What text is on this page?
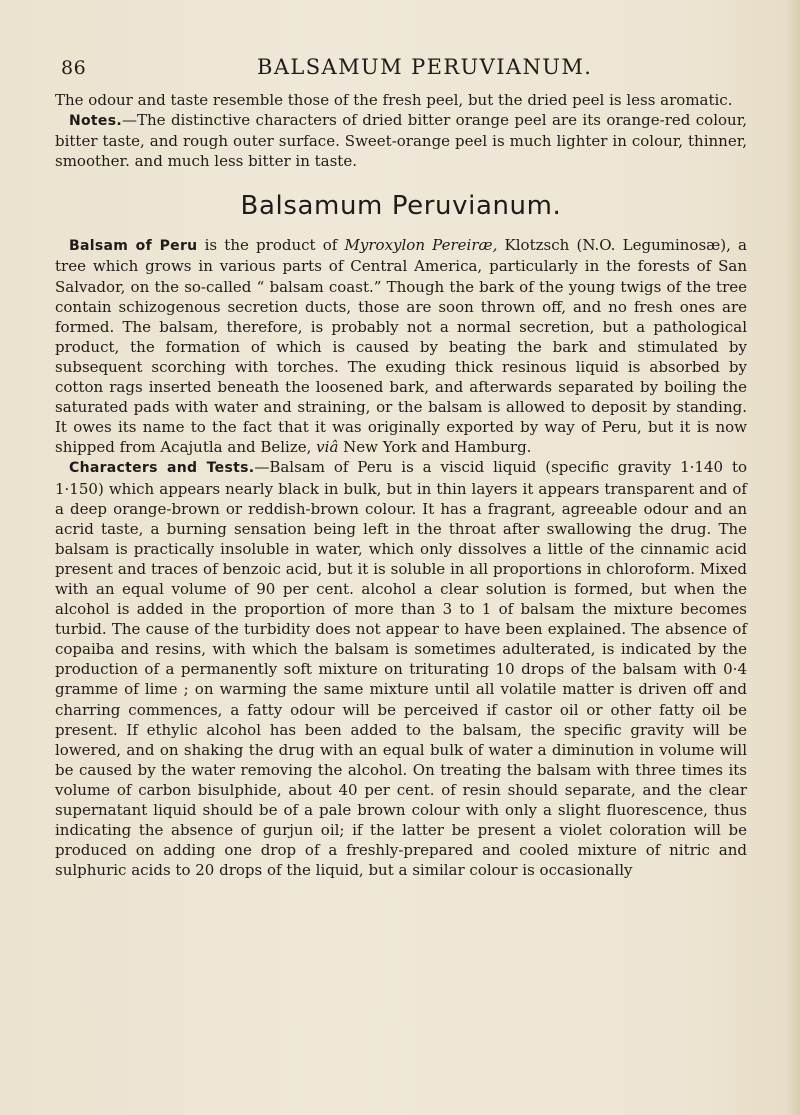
86	BALSAMUM PERUVIANUM.

The odour and taste resemble those of the fresh peel, but the dried peel is less aromatic.

Notes.—The distinctive characters of dried bitter orange peel are its orange-red colour, bitter taste, and rough outer surface. Sweet-orange peel is much lighter in colour, thinner, smoother. and much less bitter in taste.

Balsamum Peruvianum.

Balsam of Peru is the product of Myroxylon Pereiræ, Klotzsch (N.O. Leguminosæ), a tree which grows in various parts of Central America, particularly in the forests of San Salvador, on the so-called “ balsam coast.” Though the bark of the young twigs of the tree contain schizogenous secretion ducts, those are soon thrown off, and no fresh ones are formed. The balsam, therefore, is probably not a normal secretion, but a pathological product, the formation of which is caused by beating the bark and stimulated by subsequent scorching with torches. The exuding thick resinous liquid is absorbed by cotton rags inserted beneath the loosened bark, and afterwards separated by boiling the saturated pads with water and straining, or the balsam is allowed to deposit by standing. It owes its name to the fact that it was originally exported by way of Peru, but it is now shipped from Acajutla and Belize, viâ New York and Hamburg.

Characters and Tests.—Balsam of Peru is a viscid liquid (specific gravity 1·140 to 1·150) which appears nearly black in bulk, but in thin layers it appears transparent and of a deep orange-brown or reddish-brown colour. It has a fragrant, agreeable odour and an acrid taste, a burning sensation being left in the throat after swallowing the drug. The balsam is practically insoluble in water, which only dissolves a little of the cinnamic acid present and traces of benzoic acid, but it is soluble in all proportions in chloroform. Mixed with an equal volume of 90 per cent. alcohol a clear solution is formed, but when the alcohol is added in the proportion of more than 3 to 1 of balsam the mixture becomes turbid. The cause of the turbidity does not appear to have been explained. The absence of copaiba and resins, with which the balsam is sometimes adulterated, is indicated by the production of a permanently soft mixture on triturating 10 drops of the balsam with 0·4 gramme of lime ; on warming the same mixture until all volatile matter is driven off and charring commences, a fatty odour will be perceived if castor oil or other fatty oil be present. If ethylic alcohol has been added to the balsam, the specific gravity will be lowered, and on shaking the drug with an equal bulk of water a diminution in volume will be caused by the water removing the alcohol. On treating the balsam with three times its volume of carbon bisulphide, about 40 per cent. of resin should separate, and the clear supernatant liquid should be of a pale brown colour with only a slight fluorescence, thus indicating the absence of gurjun oil; if the latter be present a violet coloration will be produced on adding one drop of a freshly-prepared and cooled mixture of nitric and sulphuric acids to 20 drops of the liquid, but a similar colour is occasionally
